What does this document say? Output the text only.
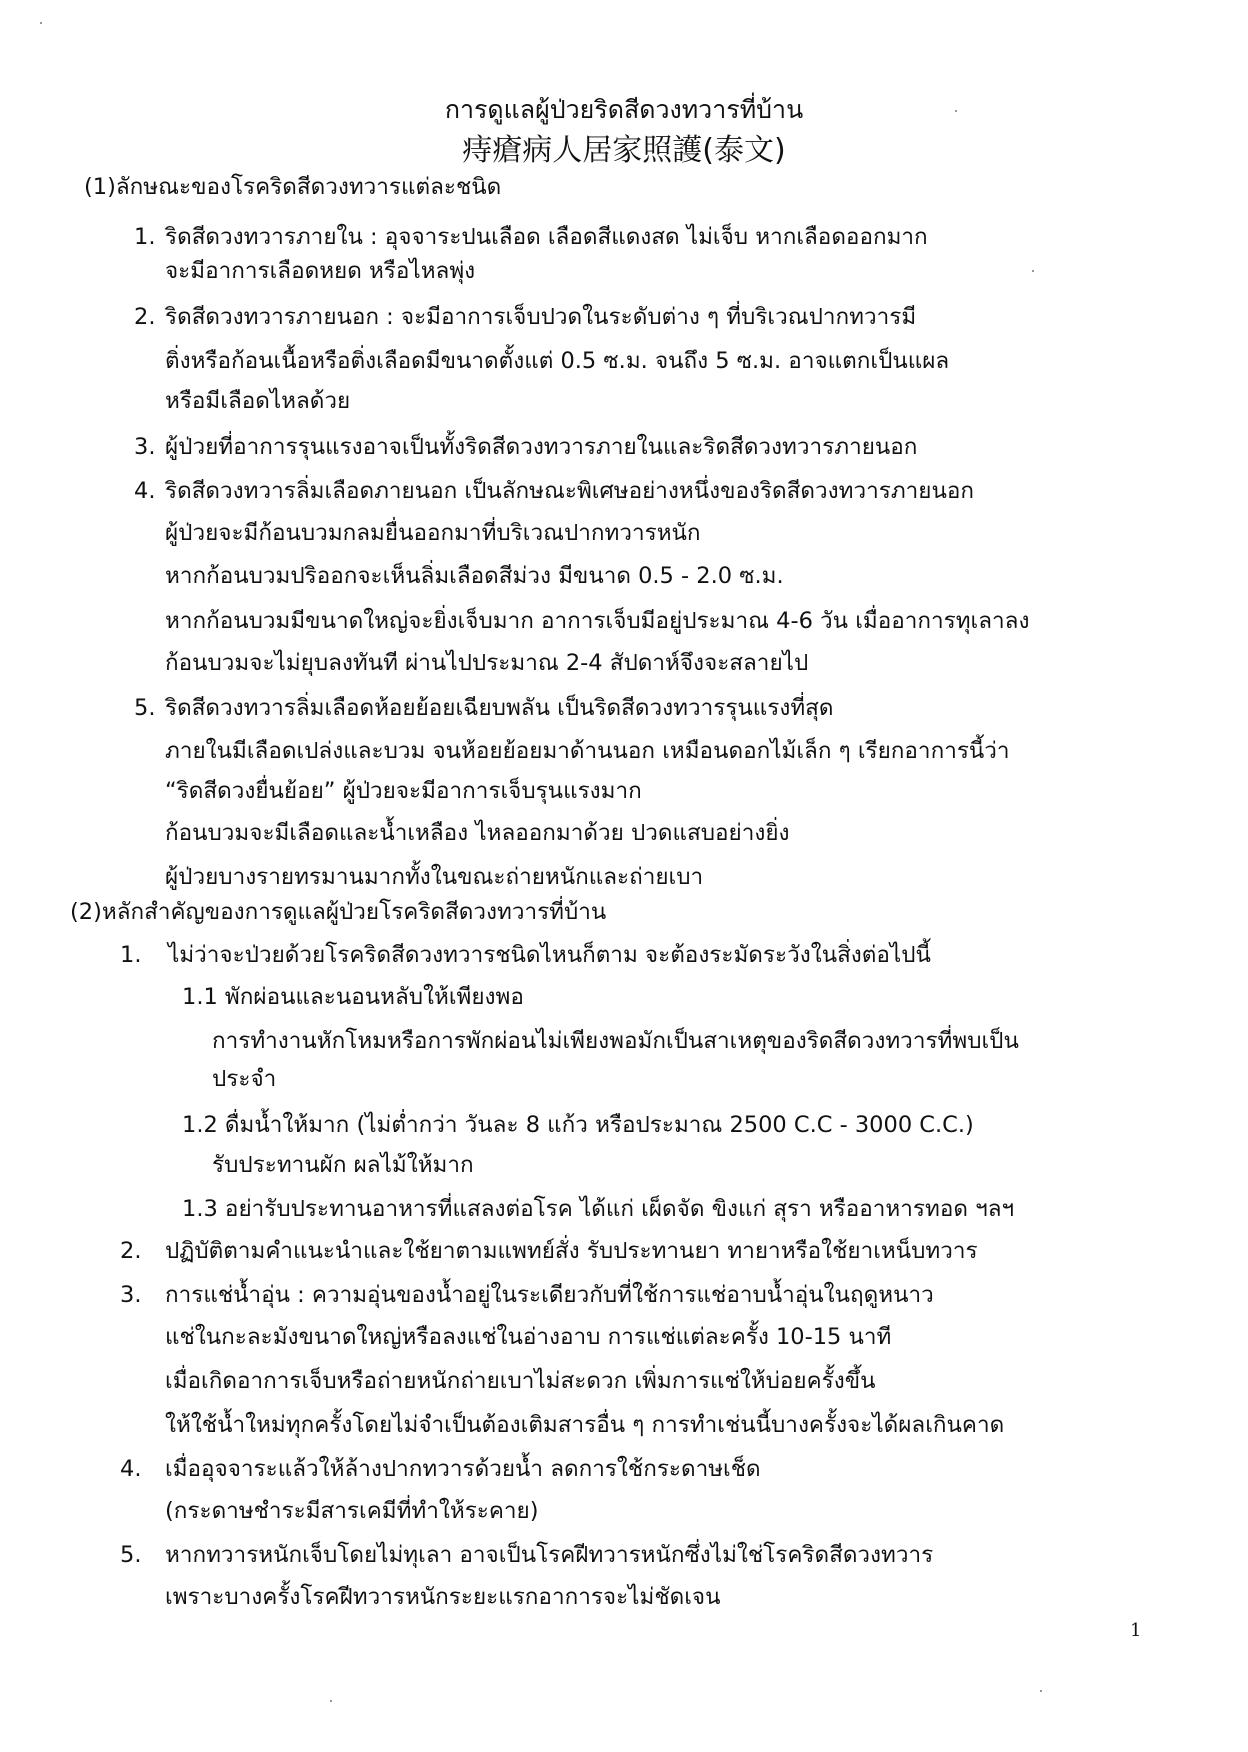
การดูแลผู้ป่วยริดสีดวงทวารที่บ้าน
痔瘡病人居家照護(泰文)
(1)ลักษณะของโรคริดสีดวงทวารแต่ละชนิด
1. ริดสีดวงทวารภายใน : อุจจาระปนเลือด เลือดสีแดงสด ไม่เจ็บ หากเลือดออกมาก
จะมีอาการเลือดหยด หรือไหลพุ่ง
2. ริดสีดวงทวารภายนอก : จะมีอาการเจ็บปวดในระดับต่าง ๆ ที่บริเวณปากทวารมี
ติ่งหรือก้อนเนื้อหรือติ่งเลือดมีขนาดตั้งแต่ 0.5 ซ.ม. จนถึง 5 ซ.ม. อาจแตกเป็นแผล
หรือมีเลือดไหลด้วย
3. ผู้ป่วยที่อาการรุนแรงอาจเป็นทั้งริดสีดวงทวารภายในและริดสีดวงทวารภายนอก
4. ริดสีดวงทวารลิ่มเลือดภายนอก เป็นลักษณะพิเศษอย่างหนึ่งของริดสีดวงทวารภายนอก
ผู้ป่วยจะมีก้อนบวมกลมยื่นออกมาที่บริเวณปากทวารหนัก
หากก้อนบวมปริออกจะเห็นลิ่มเลือดสีม่วง มีขนาด 0.5 - 2.0 ซ.ม.
หากก้อนบวมมีขนาดใหญ่จะยิ่งเจ็บมาก อาการเจ็บมีอยู่ประมาณ 4-6 วัน เมื่ออาการทุเลาลง
ก้อนบวมจะไม่ยุบลงทันที ผ่านไปประมาณ 2-4 สัปดาห์จึงจะสลายไป
5. ริดสีดวงทวารลิ่มเลือดห้อยย้อยเฉียบพลัน เป็นริดสีดวงทวารรุนแรงที่สุด
ภายในมีเลือดเปล่งและบวม จนห้อยย้อยมาด้านนอก เหมือนดอกไม้เล็ก ๆ เรียกอาการนี้ว่า
“ริดสีดวงยื่นย้อย” ผู้ป่วยจะมีอาการเจ็บรุนแรงมาก
ก้อนบวมจะมีเลือดและน้ำเหลือง ไหลออกมาด้วย ปวดแสบอย่างยิ่ง
ผู้ป่วยบางรายทรมานมากทั้งในขณะถ่ายหนักและถ่ายเบา
(2)หลักสำคัญของการดูแลผู้ป่วยโรคริดสีดวงทวารที่บ้าน
1. ไม่ว่าจะป่วยด้วยโรคริดสีดวงทวารชนิดไหนก็ตาม จะต้องระมัดระวังในสิ่งต่อไปนี้
1.1 พักผ่อนและนอนหลับให้เพียงพอ
การทำงานหักโหมหรือการพักผ่อนไม่เพียงพอมักเป็นสาเหตุของริดสีดวงทวารที่พบเป็น
ประจำ
1.2 ดื่มน้ำให้มาก (ไม่ต่ำกว่า วันละ 8 แก้ว หรือประมาณ 2500 C.C - 3000 C.C.)
รับประทานผัก ผลไม้ให้มาก
1.3 อย่ารับประทานอาหารที่แสลงต่อโรค ได้แก่ เผ็ดจัด ขิงแก่ สุรา หรืออาหารทอด ฯลฯ
2. ปฏิบัติตามคำแนะนำและใช้ยาตามแพทย์สั่ง รับประทานยา ทายาหรือใช้ยาเหน็บทวาร
3. การแช่น้ำอุ่น : ความอุ่นของน้ำอยู่ในระเดียวกับที่ใช้การแช่อาบน้ำอุ่นในฤดูหนาว
แช่ในกะละมังขนาดใหญ่หรือลงแช่ในอ่างอาบ การแช่แต่ละครั้ง 10-15 นาที
เมื่อเกิดอาการเจ็บหรือถ่ายหนักถ่ายเบาไม่สะดวก เพิ่มการแช่ให้บ่อยครั้งขึ้น
ให้ใช้น้ำใหม่ทุกครั้งโดยไม่จำเป็นต้องเติมสารอื่น ๆ การทำเช่นนี้บางครั้งจะได้ผลเกินคาด
4. เมื่ออุจจาระแล้วให้ล้างปากทวารด้วยน้ำ ลดการใช้กระดาษเช็ด
(กระดาษชำระมีสารเคมีที่ทำให้ระคาย)
5. หากทวารหนักเจ็บโดยไม่ทุเลา อาจเป็นโรคฝีทวารหนักซึ่งไม่ใช่โรคริดสีดวงทวาร
เพราะบางครั้งโรคฝีทวารหนักระยะแรกอาการจะไม่ชัดเจน
1
